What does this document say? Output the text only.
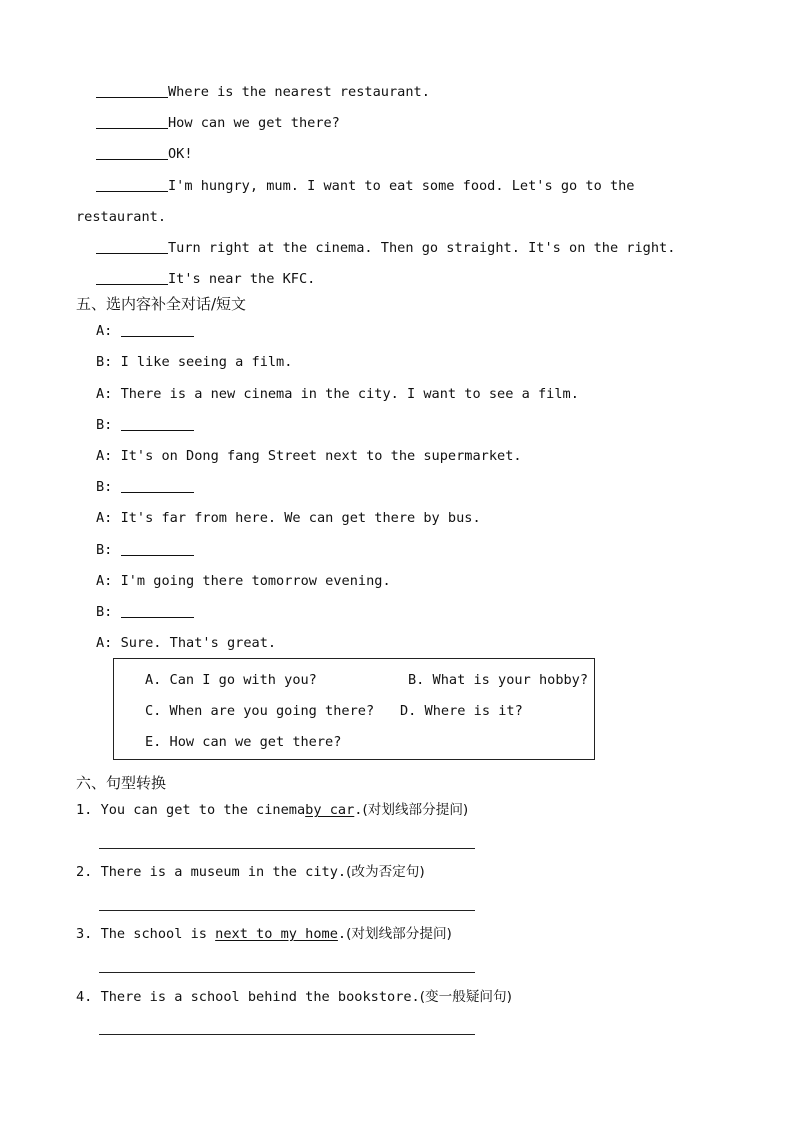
Where is the nearest restaurant.
How can we get there?
OK!
I'm hungry, mum. I want to eat some food. Let's go to the
restaurant.
Turn right at the cinema. Then go straight. It's on the right.
It's near the KFC.
五、选内容补全对话/短文
A:
B: I like seeing a film.
A: There is a new cinema in the city. I want to see a film.
B:
A: It's on Dong fang Street next to the supermarket.
B:
A: It's far from here. We can get there by bus.
B:
A: I'm going there tomorrow evening.
B:
A: Sure. That's great.
A. Can I go with you?	B. What is your hobby?
C. When are you going there? D. Where is it?
E. How can we get there?
六、句型转换
1. You can get to the cinemaby car.(对划线部分提问)
2. There is a museum in the city.(改为否定句)
3. The school is next to my home.(对划线部分提问)
4. There is a school behind the bookstore.(变一般疑问句)
